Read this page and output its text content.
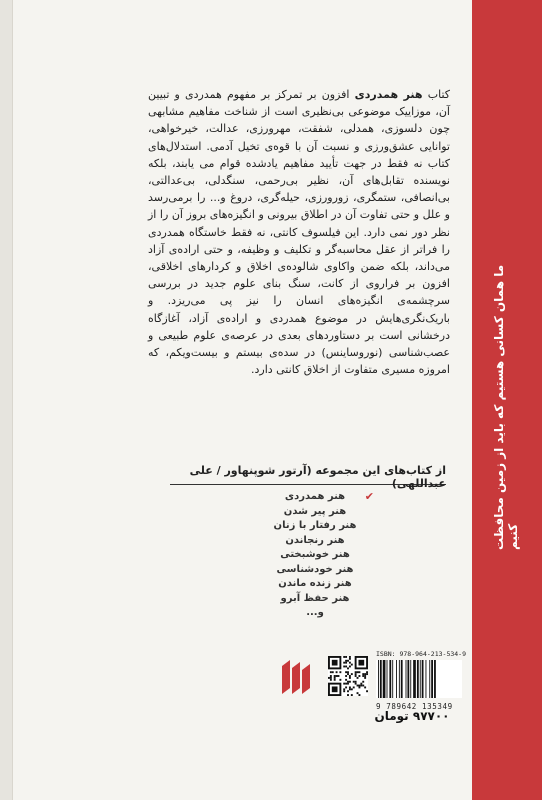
کتاب هنر همدردی افزون بر تمرکز بر مفهوم همدردی و تبیین آن، موزاییک موضوعی بی‌نظیری است از شناخت مفاهیم مشابهی چون دلسوزی، همدلی، شفقت، مهرورزی، عدالت، خیرخواهی، توانایی عشق‌ورزی و نسبت آن با قوه‌ی تخیل آدمی. استدلال‌های کتاب نه فقط در جهت تأیید مفاهیم یادشده قوام می یابند، بلکه نویسنده تقابل‌های آن، نظیر بی‌رحمی، سنگدلی، بی‌عدالتی، بی‌انصافی، ستمگری، زورورزی، حیله‌گری، دروغ و... را برمی‌رسد و علل و حتی تفاوت آن در اطلاق بیرونی و انگیزه‌های بروز آن را از نظر دور نمی دارد. این فیلسوف کانتی، نه فقط خاستگاه همدردی را فراتر از عقل محاسبه‌گر و تکلیف و وظیفه، و حتی اراده‌ی آزاد می‌داند، بلکه ضمن واکاوی شالوده‌ی اخلاق و کردارهای اخلاقی، افزون بر فراروی از کانت، سنگ بنای علوم جدید در بررسی سرچشمه‌ی انگیزه‌های انسان را نیز پی می‌ریزد. و باریک‌نگری‌هایش در موضوع همدردی و اراده‌ی آزاد، آغازگاه درخشانی است بر دستاوردهای بعدی در عرصه‌ی علوم طبیعی و عصب‌شناسی (نوروساینس) در سده‌ی بیستم و بیست‌ویکم، که امروزه مسیری متفاوت از اخلاق کانتی دارد.
از کتاب‌های این مجموعه (آرتور شوپنهاور / علی عبداللهی)
هنر همدردی ✔
هنر پیر شدن
هنر رفتار با زنان
هنر رنجاندن
هنر خوشبختی
هنر خودشناسی
هنر زنده ماندن
هنر حفظ آبرو
و...
ISBN: 978-964-213-534-9
9 789642 135349
۹۷۷۰۰ تومان
ما همان کسانی هستیم که باید از زمین محافظت کنیم
